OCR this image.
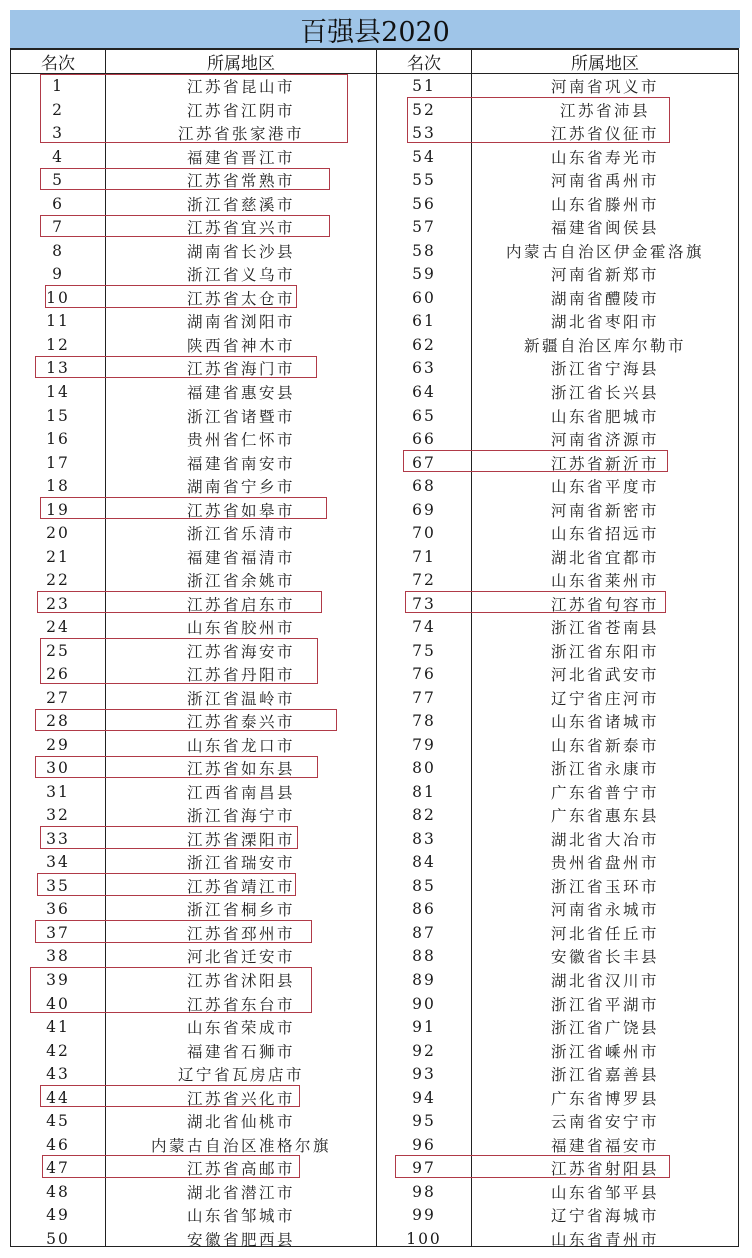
百强县2020
名次	所属地区	名次	所属地区
1	江苏省昆山市	51	河南省巩义市
2	江苏省江阴市	52	江苏省沛县
3	江苏省张家港市	53	江苏省仪征市
4	福建省晋江市	54	山东省寿光市
5	江苏省常熟市	55	河南省禹州市
6	浙江省慈溪市	56	山东省滕州市
7	江苏省宜兴市	57	福建省闽侯县
8	湖南省长沙县	58	内蒙古自治区伊金霍洛旗
9	浙江省义乌市	59	河南省新郑市
10	江苏省太仓市	60	湖南省醴陵市
11	湖南省浏阳市	61	湖北省枣阳市
12	陕西省神木市	62	新疆自治区库尔勒市
13	江苏省海门市	63	浙江省宁海县
14	福建省惠安县	64	浙江省长兴县
15	浙江省诸暨市	65	山东省肥城市
16	贵州省仁怀市	66	河南省济源市
17	福建省南安市	67	江苏省新沂市
18	湖南省宁乡市	68	山东省平度市
19	江苏省如皋市	69	河南省新密市
20	浙江省乐清市	70	山东省招远市
21	福建省福清市	71	湖北省宜都市
22	浙江省余姚市	72	山东省莱州市
23	江苏省启东市	73	江苏省句容市
24	山东省胶州市	74	浙江省苍南县
25	江苏省海安市	75	浙江省东阳市
26	江苏省丹阳市	76	河北省武安市
27	浙江省温岭市	77	辽宁省庄河市
28	江苏省泰兴市	78	山东省诸城市
29	山东省龙口市	79	山东省新泰市
30	江苏省如东县	80	浙江省永康市
31	江西省南昌县	81	广东省普宁市
32	浙江省海宁市	82	广东省惠东县
33	江苏省溧阳市	83	湖北省大冶市
34	浙江省瑞安市	84	贵州省盘州市
35	江苏省靖江市	85	浙江省玉环市
36	浙江省桐乡市	86	河南省永城市
37	江苏省邳州市	87	河北省任丘市
38	河北省迁安市	88	安徽省长丰县
39	江苏省沭阳县	89	湖北省汉川市
40	江苏省东台市	90	浙江省平湖市
41	山东省荣成市	91	浙江省广饶县
42	福建省石狮市	92	浙江省嵊州市
43	辽宁省瓦房店市	93	浙江省嘉善县
44	江苏省兴化市	94	广东省博罗县
45	湖北省仙桃市	95	云南省安宁市
46	内蒙古自治区准格尔旗	96	福建省福安市
47	江苏省高邮市	97	江苏省射阳县
48	湖北省潜江市	98	山东省邹平县
49	山东省邹城市	99	辽宁省海城市
50	安徽省肥西县	100	山东省青州市
